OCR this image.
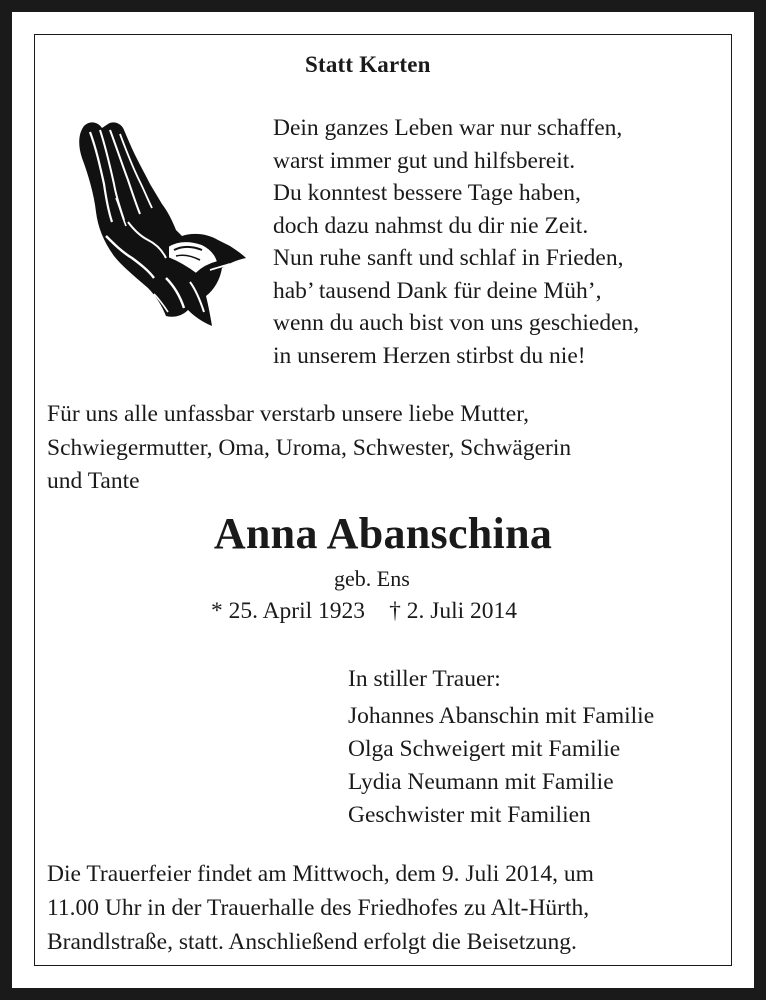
Statt Karten
Dein ganzes Leben war nur schaffen,
warst immer gut und hilfsbereit.
Du konntest bessere Tage haben,
doch dazu nahmst du dir nie Zeit.
Nun ruhe sanft und schlaf in Frieden,
hab’ tausend Dank für deine Müh’,
wenn du auch bist von uns geschieden,
in unserem Herzen stirbst du nie!
Für uns alle unfassbar verstarb unsere liebe Mutter,
Schwiegermutter, Oma, Uroma, Schwester, Schwägerin
und Tante
Anna Abanschina
geb. Ens
* 25. April 1923 † 2. Juli 2014
In stiller Trauer:
Johannes Abanschin mit Familie
Olga Schweigert mit Familie
Lydia Neumann mit Familie
Geschwister mit Familien
Die Trauerfeier findet am Mittwoch, dem 9. Juli 2014, um
11.00 Uhr in der Trauerhalle des Friedhofes zu Alt-Hürth,
Brandlstraße, statt. Anschließend erfolgt die Beisetzung.
